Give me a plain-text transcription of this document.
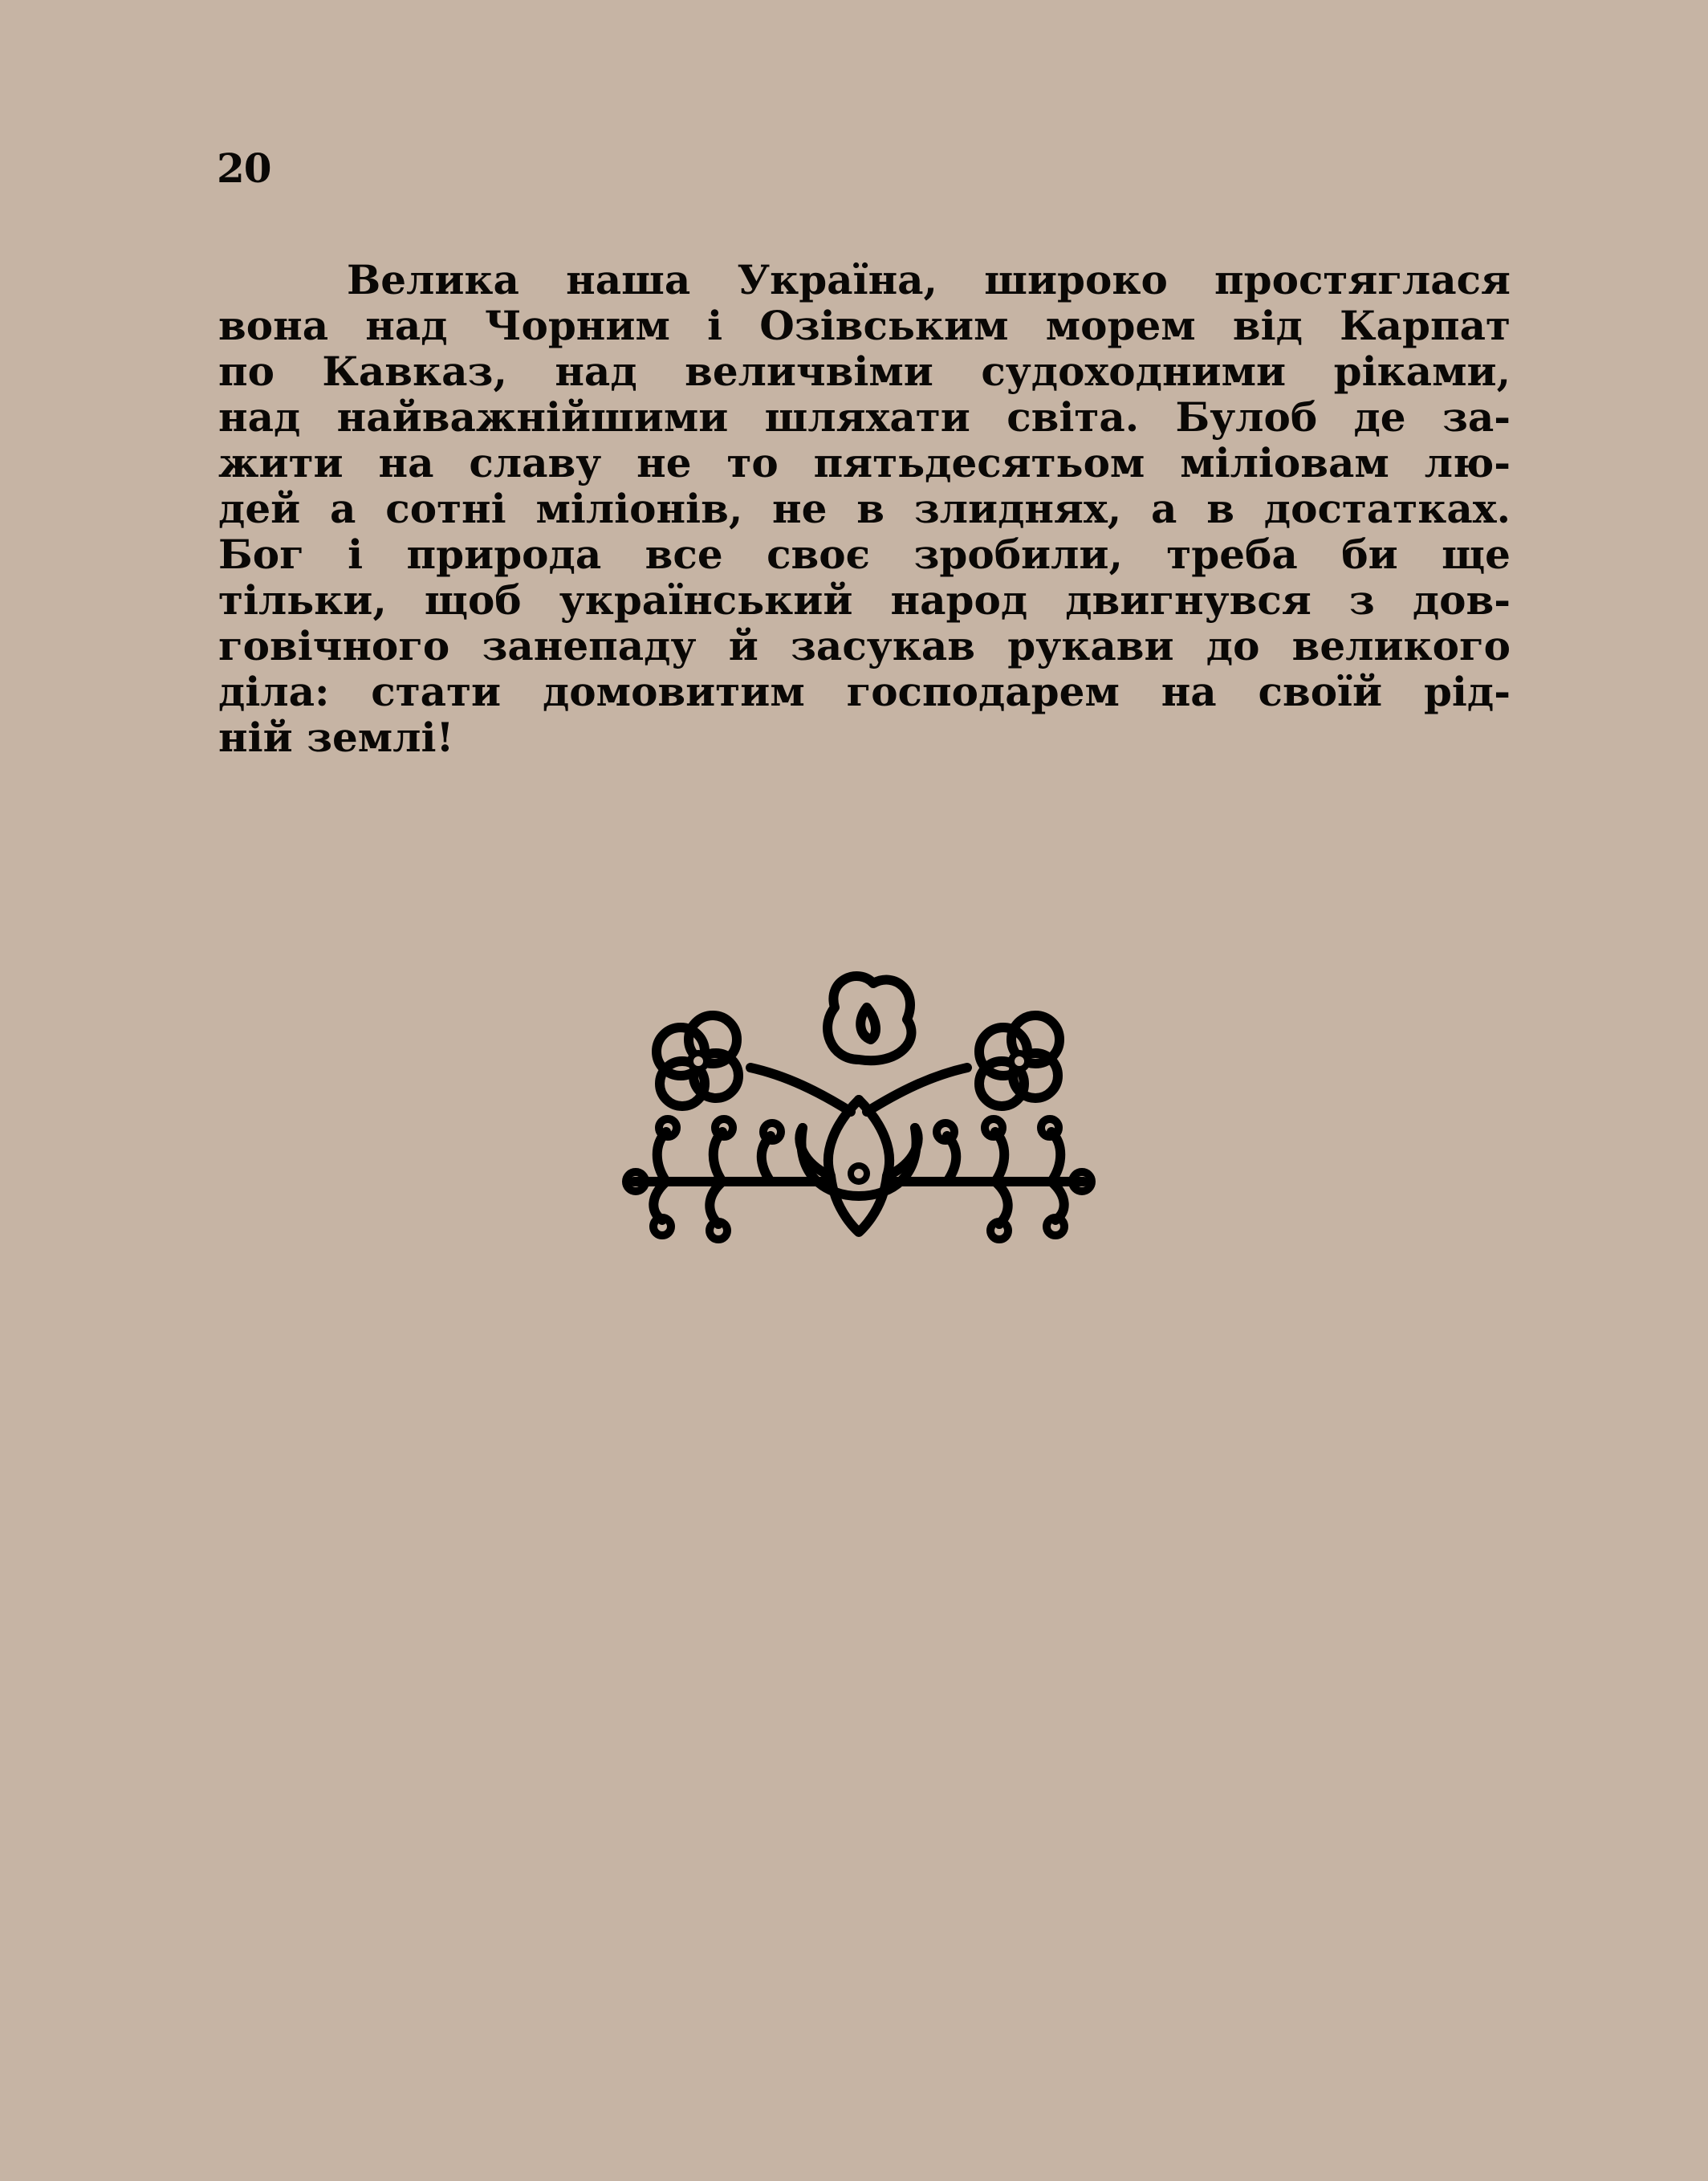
20
Велика наша Україна, широко простяглася
вона над Чорним і Озівським морем від Карпат
по Кавказ, над величвіми судоходними ріками,
над найважнійшими шляхати світа. Булоб де за-
жити на славу не то пятьдесятьом міліовам лю-
дей а сотні міліонів, не в злиднях, а в достатках.
Бог і природа все своє зробили, треба би ще
тільки, щоб український народ двигнувся з дов-
говічного занепаду й засукав рукави до великого
діла: стати домовитим господарем на своїй рід-
ній землі!
